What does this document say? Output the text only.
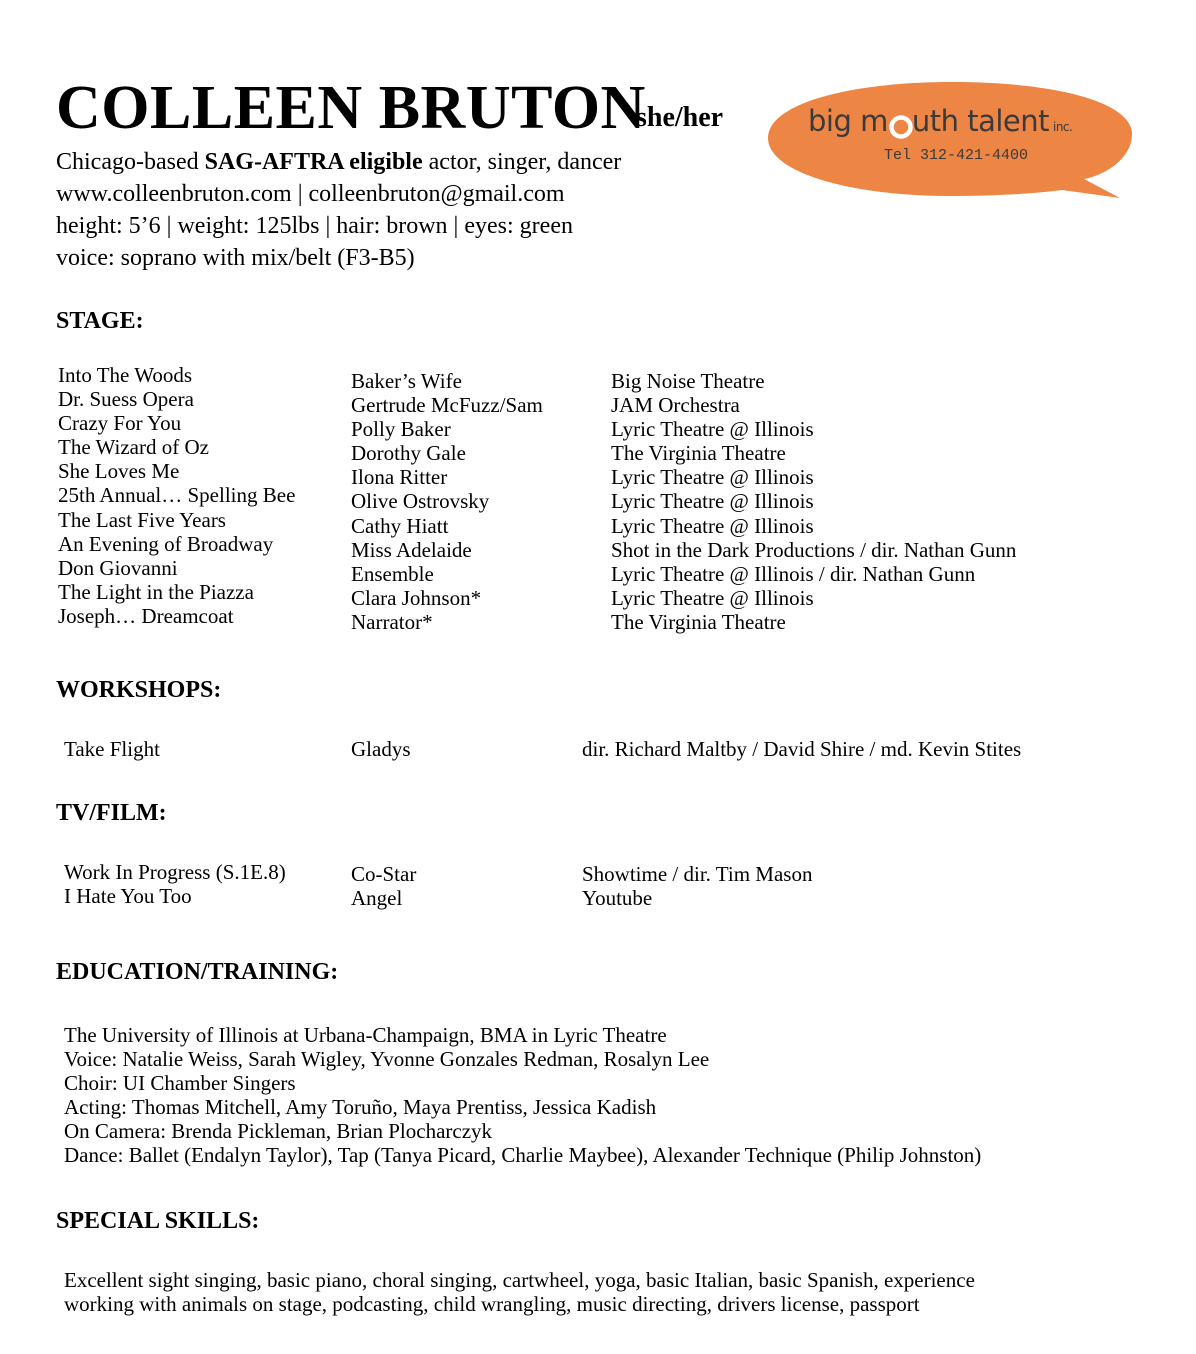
COLLEEN BRUTON
she/her
Chicago-based SAG-AFTRA eligible actor, singer, dancer
www.colleenbruton.com | colleenbruton@gmail.com
height: 5’6 | weight: 125lbs | hair: brown | eyes: green
voice: soprano with mix/belt (F3-B5)
big m uth talent inc.
Tel 312-421-4400
STAGE:
Into The Woods
Dr. Suess Opera
Crazy For You
The Wizard of Oz
She Loves Me
25th Annual… Spelling Bee
The Last Five Years
An Evening of Broadway
Don Giovanni
The Light in the Piazza
Joseph… Dreamcoat
Baker’s Wife
Gertrude McFuzz/Sam
Polly Baker
Dorothy Gale
Ilona Ritter
Olive Ostrovsky
Cathy Hiatt
Miss Adelaide
Ensemble
Clara Johnson*
Narrator*
Big Noise Theatre
JAM Orchestra
Lyric Theatre @ Illinois
The Virginia Theatre
Lyric Theatre @ Illinois
Lyric Theatre @ Illinois
Lyric Theatre @ Illinois
Shot in the Dark Productions / dir. Nathan Gunn
Lyric Theatre @ Illinois / dir. Nathan Gunn
Lyric Theatre @ Illinois
The Virginia Theatre
WORKSHOPS:
Take Flight	Gladys	dir. Richard Maltby / David Shire / md. Kevin Stites
TV/FILM:
Work In Progress (S.1E.8)
I Hate You Too
Co-Star
Angel
Showtime / dir. Tim Mason
Youtube
EDUCATION/TRAINING:
The University of Illinois at Urbana-Champaign, BMA in Lyric Theatre
Voice: Natalie Weiss, Sarah Wigley, Yvonne Gonzales Redman, Rosalyn Lee
Choir: UI Chamber Singers
Acting: Thomas Mitchell, Amy Toruño, Maya Prentiss, Jessica Kadish
On Camera: Brenda Pickleman, Brian Plocharczyk
Dance: Ballet (Endalyn Taylor), Tap (Tanya Picard, Charlie Maybee), Alexander Technique (Philip Johnston)
SPECIAL SKILLS:
Excellent sight singing, basic piano, choral singing, cartwheel, yoga, basic Italian, basic Spanish, experience
working with animals on stage, podcasting, child wrangling, music directing, drivers license, passport
